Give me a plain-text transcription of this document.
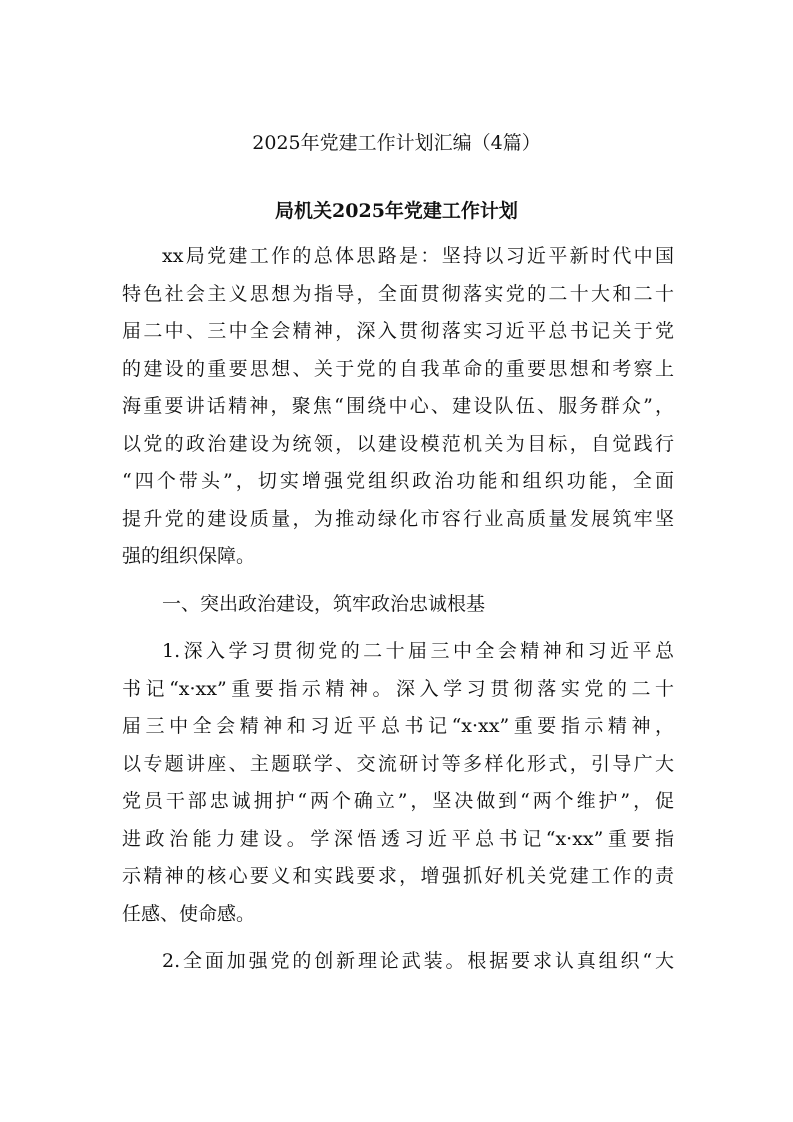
2025年党建工作计划汇编（4篇）
局机关2025年党建工作计划
xx局党建工作的总体思路是：坚持以习近平新时代中国
特色社会主义思想为指导，全面贯彻落实党的二十大和二十
届二中、三中全会精神，深入贯彻落实习近平总书记关于党
的建设的重要思想、关于党的自我革命的重要思想和考察上
海重要讲话精神，聚焦“围绕中心、建设队伍、服务群众”，
以党的政治建设为统领，以建设模范机关为目标，自觉践行
“四个带头”，切实增强党组织政治功能和组织功能，全面
提升党的建设质量，为推动绿化市容行业高质量发展筑牢坚
强的组织保障。
一、突出政治建设，筑牢政治忠诚根基
1.深入学习贯彻党的二十届三中全会精神和习近平总
书记“x·xx”重要指示精神。深入学习贯彻落实党的二十
届三中全会精神和习近平总书记“x·xx”重要指示精神，
以专题讲座、主题联学、交流研讨等多样化形式，引导广大
党员干部忠诚拥护“两个确立”，坚决做到“两个维护”，促
进政治能力建设。学深悟透习近平总书记“x·xx”重要指
示精神的核心要义和实践要求，增强抓好机关党建工作的责
任感、使命感。
2.全面加强党的创新理论武装。根据要求认真组织“大
